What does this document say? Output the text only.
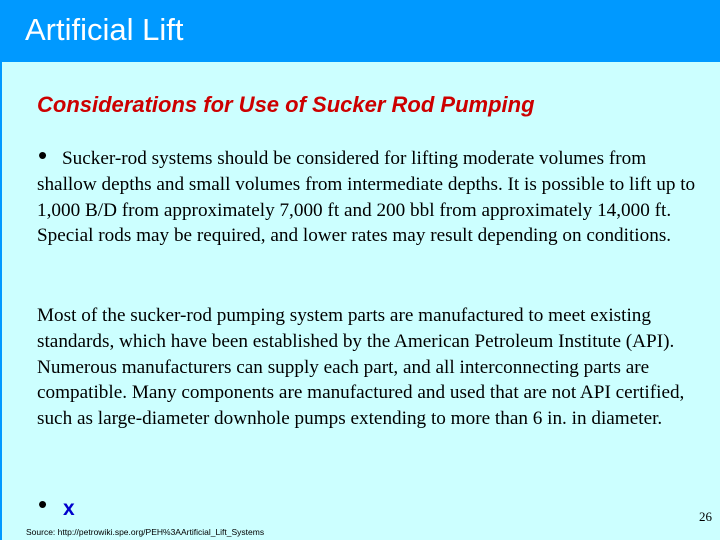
Artificial Lift
Considerations for Use of Sucker Rod Pumping
• Sucker-rod systems should be considered for lifting moderate volumes from shallow depths and small volumes from intermediate depths. It is possible to lift up to 1,000 B/D from approximately 7,000 ft and 200 bbl from approximately 14,000 ft. Special rods may be required, and lower rates may result depending on conditions.

Most of the sucker-rod pumping system parts are manufactured to meet existing standards, which have been established by the American Petroleum Institute (API). Numerous manufacturers can supply each part, and all interconnecting parts are compatible. Many components are manufactured and used that are not API certified, such as large-diameter downhole pumps extending to more than 6 in. in diameter.

• x
Source: http://petrowiki.spe.org/PEH%3AArtificial_Lift_Systems
26
